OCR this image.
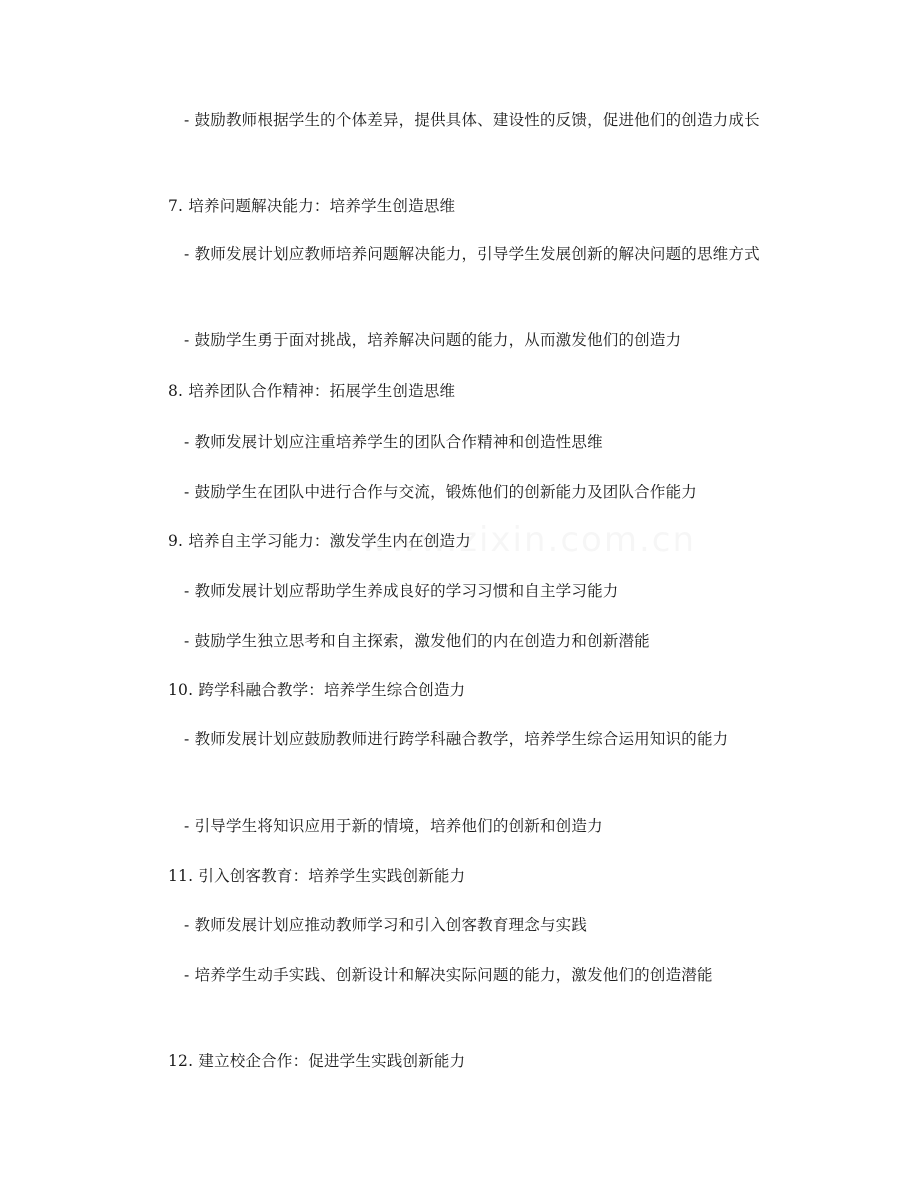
- 鼓励教师根据学生的个体差异，提供具体、建设性的反馈，促进他们的创造力成长
7. 培养问题解决能力：培养学生创造思维
- 教师发展计划应教师培养问题解决能力，引导学生发展创新的解决问题的思维方式
- 鼓励学生勇于面对挑战，培养解决问题的能力，从而激发他们的创造力
8. 培养团队合作精神：拓展学生创造思维
- 教师发展计划应注重培养学生的团队合作精神和创造性思维
- 鼓励学生在团队中进行合作与交流，锻炼他们的创新能力及团队合作能力
9. 培养自主学习能力：激发学生内在创造力
- 教师发展计划应帮助学生养成良好的学习习惯和自主学习能力
- 鼓励学生独立思考和自主探索，激发他们的内在创造力和创新潜能
10. 跨学科融合教学：培养学生综合创造力
- 教师发展计划应鼓励教师进行跨学科融合教学，培养学生综合运用知识的能力
- 引导学生将知识应用于新的情境，培养他们的创新和创造力
11. 引入创客教育：培养学生实践创新能力
- 教师发展计划应推动教师学习和引入创客教育理念与实践
- 培养学生动手实践、创新设计和解决实际问题的能力，激发他们的创造潜能
12. 建立校企合作：促进学生实践创新能力
